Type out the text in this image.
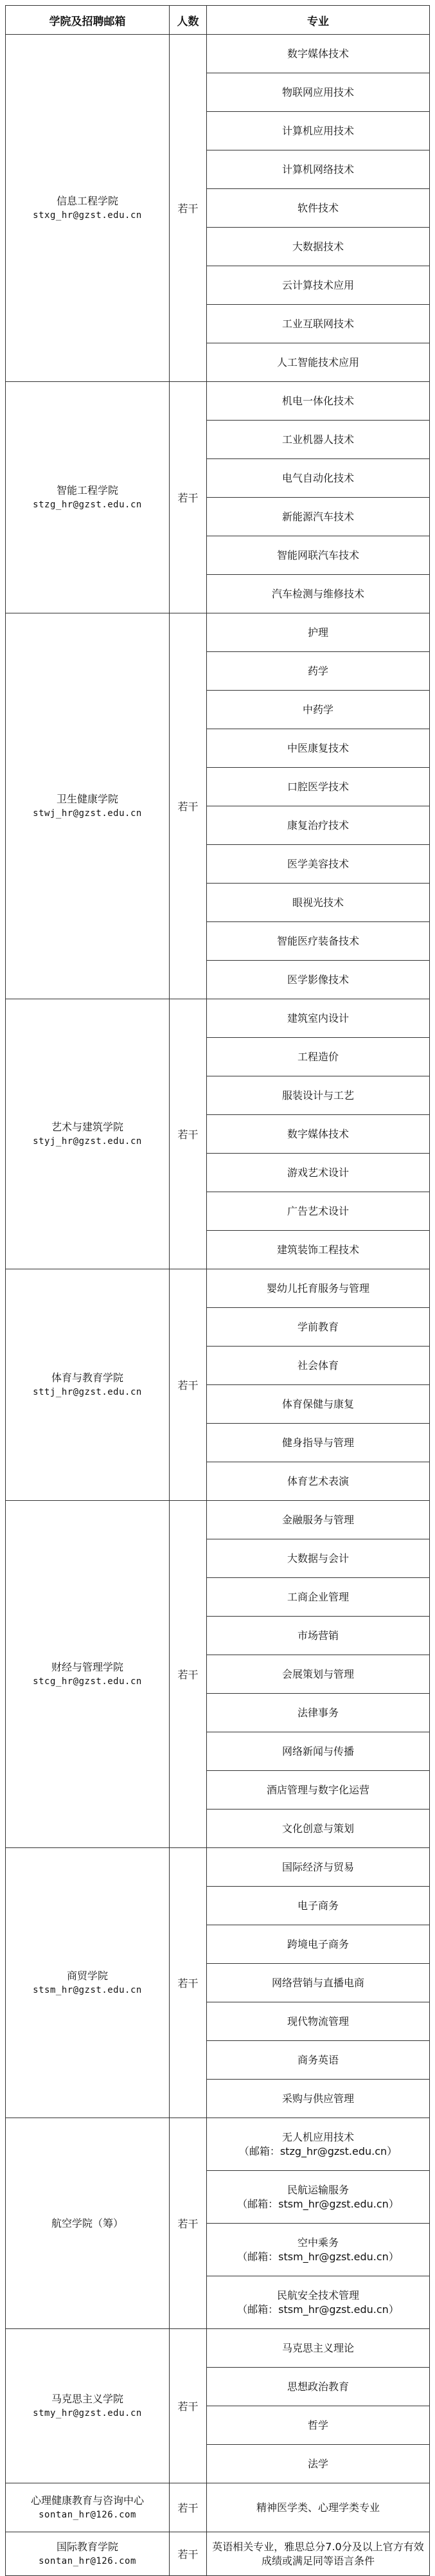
学院及招聘邮箱	人数	专业

信息工程学院
stxg_hr@gzst.edu.cn	若干	数字媒体技术
		物联网应用技术
		计算机应用技术
		计算机网络技术
		软件技术
		大数据技术
		云计算技术应用
		工业互联网技术
		人工智能技术应用

智能工程学院
stzg_hr@gzst.edu.cn	若干	机电一体化技术
		工业机器人技术
		电气自动化技术
		新能源汽车技术
		智能网联汽车技术
		汽车检测与维修技术

卫生健康学院
stwj_hr@gzst.edu.cn	若干	护理
		药学
		中药学
		中医康复技术
		口腔医学技术
		康复治疗技术
		医学美容技术
		眼视光技术
		智能医疗装备技术
		医学影像技术

艺术与建筑学院
styj_hr@gzst.edu.cn	若干	建筑室内设计
		工程造价
		服装设计与工艺
		数字媒体技术
		游戏艺术设计
		广告艺术设计
		建筑装饰工程技术

体育与教育学院
sttj_hr@gzst.edu.cn	若干	婴幼儿托育服务与管理
		学前教育
		社会体育
		体育保健与康复
		健身指导与管理
		体育艺术表演

财经与管理学院
stcg_hr@gzst.edu.cn	若干	金融服务与管理
		大数据与会计
		工商企业管理
		市场营销
		会展策划与管理
		法律事务
		网络新闻与传播
		酒店管理与数字化运营
		文化创意与策划

商贸学院
stsm_hr@gzst.edu.cn	若干	国际经济与贸易
		电子商务
		跨境电子商务
		网络营销与直播电商
		现代物流管理
		商务英语
		采购与供应管理

航空学院（筹）	若干	无人机应用技术
（邮箱：stzg_hr@gzst.edu.cn）

		民航运输服务
（邮箱：stsm_hr@gzst.edu.cn）

		空中乘务
（邮箱：stsm_hr@gzst.edu.cn）

		民航安全技术管理
（邮箱：stsm_hr@gzst.edu.cn）

马克思主义学院
stmy_hr@gzst.edu.cn	若干	马克思主义理论
		思想政治教育
		哲学
		法学

心理健康教育与咨询中心
sontan_hr@126.com	若干	精神医学类、心理学类专业

国际教育学院
sontan_hr@126.com	若干	英语相关专业，雅思总分7.0分及以上官方有效成绩或满足同等语言条件
